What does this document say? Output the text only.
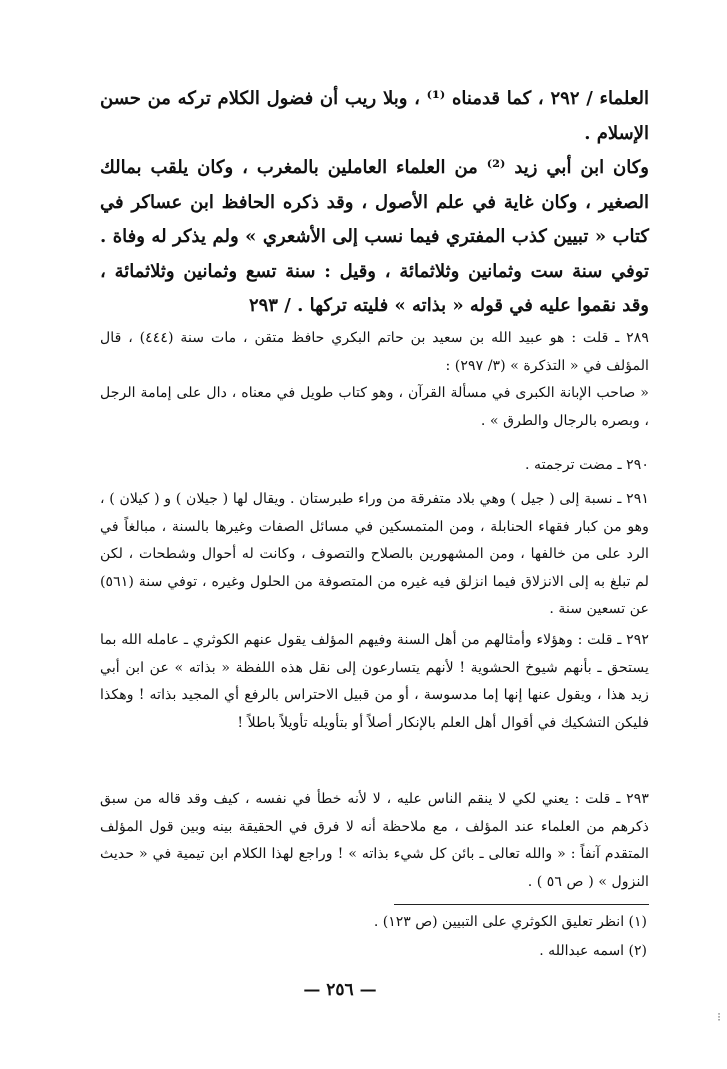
العلماء / ٢٩٢ ، كما قدمناه ⁽¹⁾ ، وبلا ريب أن فضول الكلام تركه من حسن الإسلام .

وكان ابن أبي زيد ⁽²⁾ من العلماء العاملين بالمغرب ، وكان يلقب بمالك الصغير ، وكان غاية في علم الأصول ، وقد ذكره الحافظ ابن عساكر في كتاب « تبيين كذب المفتري فيما نسب إلى الأشعري » ولم يذكر له وفاة . توفي سنة ست وثمانين وثلاثمائة ، وقيل : سنة تسع وثمانين وثلاثمائة ، وقد نقموا عليه في قوله « بذاته » فليته تركها . / ٢٩٣

٢٨٩ ـ قلت : هو عبيد الله بن سعيد بن حاتم البكري حافظ متقن ، مات سنة (٤٤٤) ، قال المؤلف في « التذكرة » (٣/ ٢٩٧) :

« صاحب الإبانة الكبرى في مسألة القرآن ، وهو كتاب طويل في معناه ، دال على إمامة الرجل ، وبصره بالرجال والطرق » .

٢٩٠ ـ مضت ترجمته .

٢٩١ ـ نسبة إلى ( جيل ) وهي بلاد متفرقة من وراء طبرستان . ويقال لها ( جيلان ) و ( كيلان ) ، وهو من كبار فقهاء الحنابلة ، ومن المتمسكين في مسائل الصفات وغيرها بالسنة ، مبالغاً في الرد على من خالفها ، ومن المشهورين بالصلاح والتصوف ، وكانت له أحوال وشطحات ، لكن لم تبلغ به إلى الانزلاق فيما انزلق فيه غيره من المتصوفة من الحلول وغيره ، توفي سنة (٥٦١) عن تسعين سنة .

٢٩٢ ـ قلت : وهؤلاء وأمثالهم من أهل السنة وفيهم المؤلف يقول عنهم الكوثري ـ عامله الله بما يستحق ـ بأنهم شيوخ الحشوية ! لأنهم يتسارعون إلى نقل هذه اللفظة « بذاته » عن ابن أبي زيد هذا ، ويقول عنها إنها إما مدسوسة ، أو من قبيل الاحتراس بالرفع أي المجيد بذاته ! وهكذا فليكن التشكيك في أقوال أهل العلم بالإنكار أصلاً أو بتأويله تأويلاً باطلاً !

٢٩٣ ـ قلت : يعني لكي لا ينقم الناس عليه ، لا لأنه خطأ في نفسه ، كيف وقد قاله من سبق ذكرهم من العلماء عند المؤلف ، مع ملاحظة أنه لا فرق في الحقيقة بينه وبين قول المؤلف المتقدم آنفاً : « والله تعالى ـ بائن كل شيء بذاته » ! وراجع لهذا الكلام ابن تيمية في « حديث النزول » ( ص ٥٦ ) .

(١) انظر تعليق الكوثري على التبيين (ص ١٢٣) .

(٢) اسمه عبدالله .

— ٢٥٦ —
⁝
